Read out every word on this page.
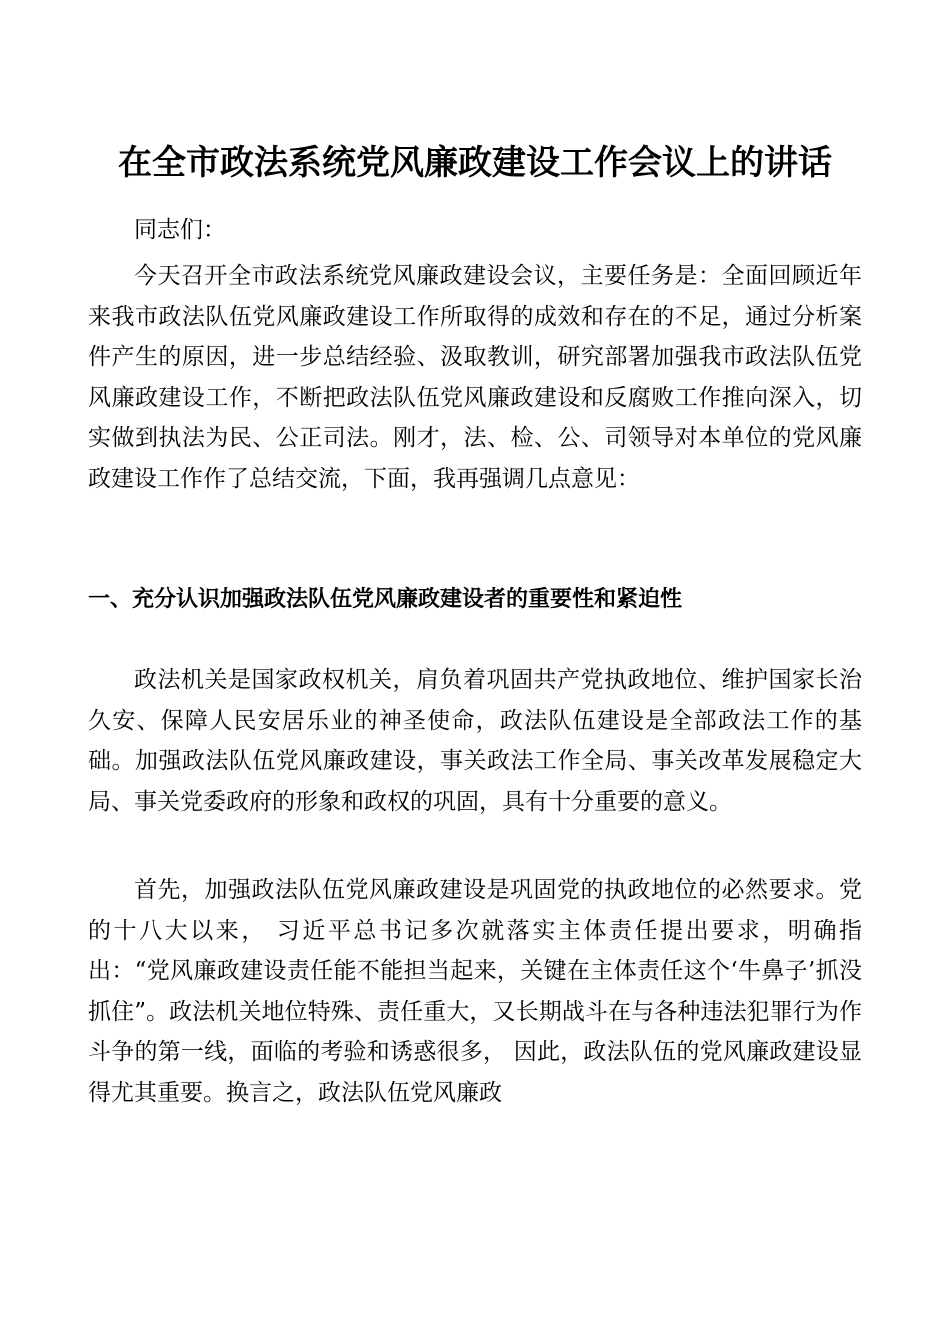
在全市政法系统党风廉政建设工作会议上的讲话

同志们：

今天召开全市政法系统党风廉政建设会议，主要任务是：全面回顾近年来我市政法队伍党风廉政建设工作所取得的成效和存在的不足，通过分析案件产生的原因，进一步总结经验、汲取教训，研究部署加强我市政法队伍党风廉政建设工作，不断把政法队伍党风廉政建设和反腐败工作推向深入，切实做到执法为民、公正司法。刚才，法、检、公、司领导对本单位的党风廉政建设工作作了总结交流，下面，我再强调几点意见：

一、充分认识加强政法队伍党风廉政建设者的重要性和紧迫性

政法机关是国家政权机关，肩负着巩固共产党执政地位、维护国家长治久安、保障人民安居乐业的神圣使命，政法队伍建设是全部政法工作的基础。加强政法队伍党风廉政建设，事关政法工作全局、事关改革发展稳定大局、事关党委政府的形象和政权的巩固，具有十分重要的意义。

首先，加强政法队伍党风廉政建设是巩固党的执政地位的必然要求。党的十八大以来， 习近平总书记多次就落实主体责任提出要求，明确指出：“党风廉政建设责任能不能担当起来，关键在主体责任这个‘牛鼻子’抓没抓住”。政法机关地位特殊、责任重大，又长期战斗在与各种违法犯罪行为作斗争的第一线，面临的考验和诱惑很多， 因此，政法队伍的党风廉政建设显得尤其重要。换言之，政法队伍党风廉政
